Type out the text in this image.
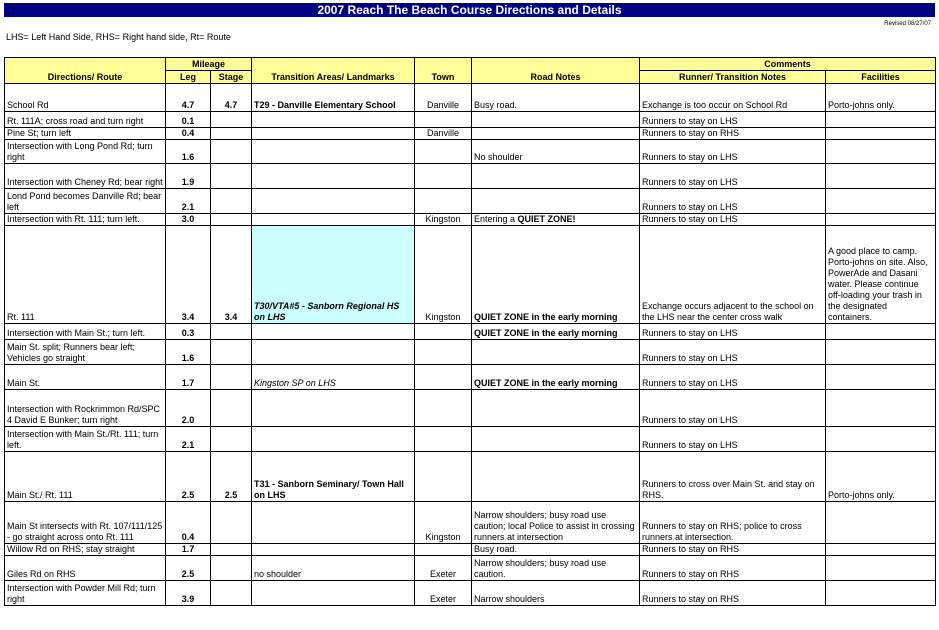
2007 Reach The Beach Course Directions and Details
Revised 08/27/07
LHS= Left Hand Side, RHS= Right hand side, Rt= Route
Directions/ Route	Mileage		Transition Areas/ Landmarks	Town	Road Notes	Comments	
	Leg	Stage				Runner/ Transition Notes	Facilities
School Rd	4.7	4.7	T29 - Danville Elementary School	Danville	Busy road.	Exchange is too occur on School Rd	Porto-johns only.
Rt. 111A; cross road and turn right	0.1					Runners to stay on LHS	
Pine St; turn left	0.4			Danville		Runners to stay on RHS	
Intersection with Long Pond Rd; turn right	1.6				No shoulder	Runners to stay on LHS	
Intersection with Cheney Rd; bear right	1.9					Runners to stay on LHS	
Lond Pond becomes Danville Rd; bear left	2.1					Runners to stay on LHS	
Intersection with Rt. 111; turn left.	3.0			Kingston	Entering a QUIET ZONE!	Runners to stay on LHS	
Rt. 111	3.4	3.4	T30/VTA#5 - Sanborn Regional HS on LHS	Kingston	QUIET ZONE in the early morning	Exchange occurs adjacent to the school on the LHS near the center cross walk	A good place to camp. Porto-johns on site. Also, PowerAde and Dasani water. Please continue off-loading your trash in the designated containers.
Intersection with Main St.; turn left.	0.3				QUIET ZONE in the early morning	Runners to stay on LHS	
Main St. split; Runners bear left; Vehicles go straight	1.6					Runners to stay on LHS	
Main St.	1.7		Kingston SP on LHS		QUIET ZONE in the early morning	Runners to stay on LHS	
Intersection with Rockrimmon Rd/SPC 4 David E Bunker; turn right	2.0					Runners to stay on LHS	
Intersection with Main St./Rt. 111; turn left.	2.1					Runners to stay on LHS	
Main St./ Rt. 111	2.5	2.5	T31 - Sanborn Seminary/ Town Hall on LHS			Runners to cross over Main St. and stay on RHS.	Porto-johns only.
Main St intersects with Rt. 107/111/125 - go straight across onto Rt. 111	0.4			Kingston	Narrow shoulders; busy road use caution; local Police to assist in crossing runners at intersection	Runners to stay on RHS; police to cross runners at intersection.	
Willow Rd on RHS; stay straight	1.7				Busy road.	Runners to stay on RHS	
Giles Rd on RHS	2.5		no shoulder	Exeter	Narrow shoulders; busy road use caution.	Runners to stay on RHS	
Intersection with Powder Mill Rd; turn right	3.9			Exeter	Narrow shoulders	Runners to stay on RHS	
